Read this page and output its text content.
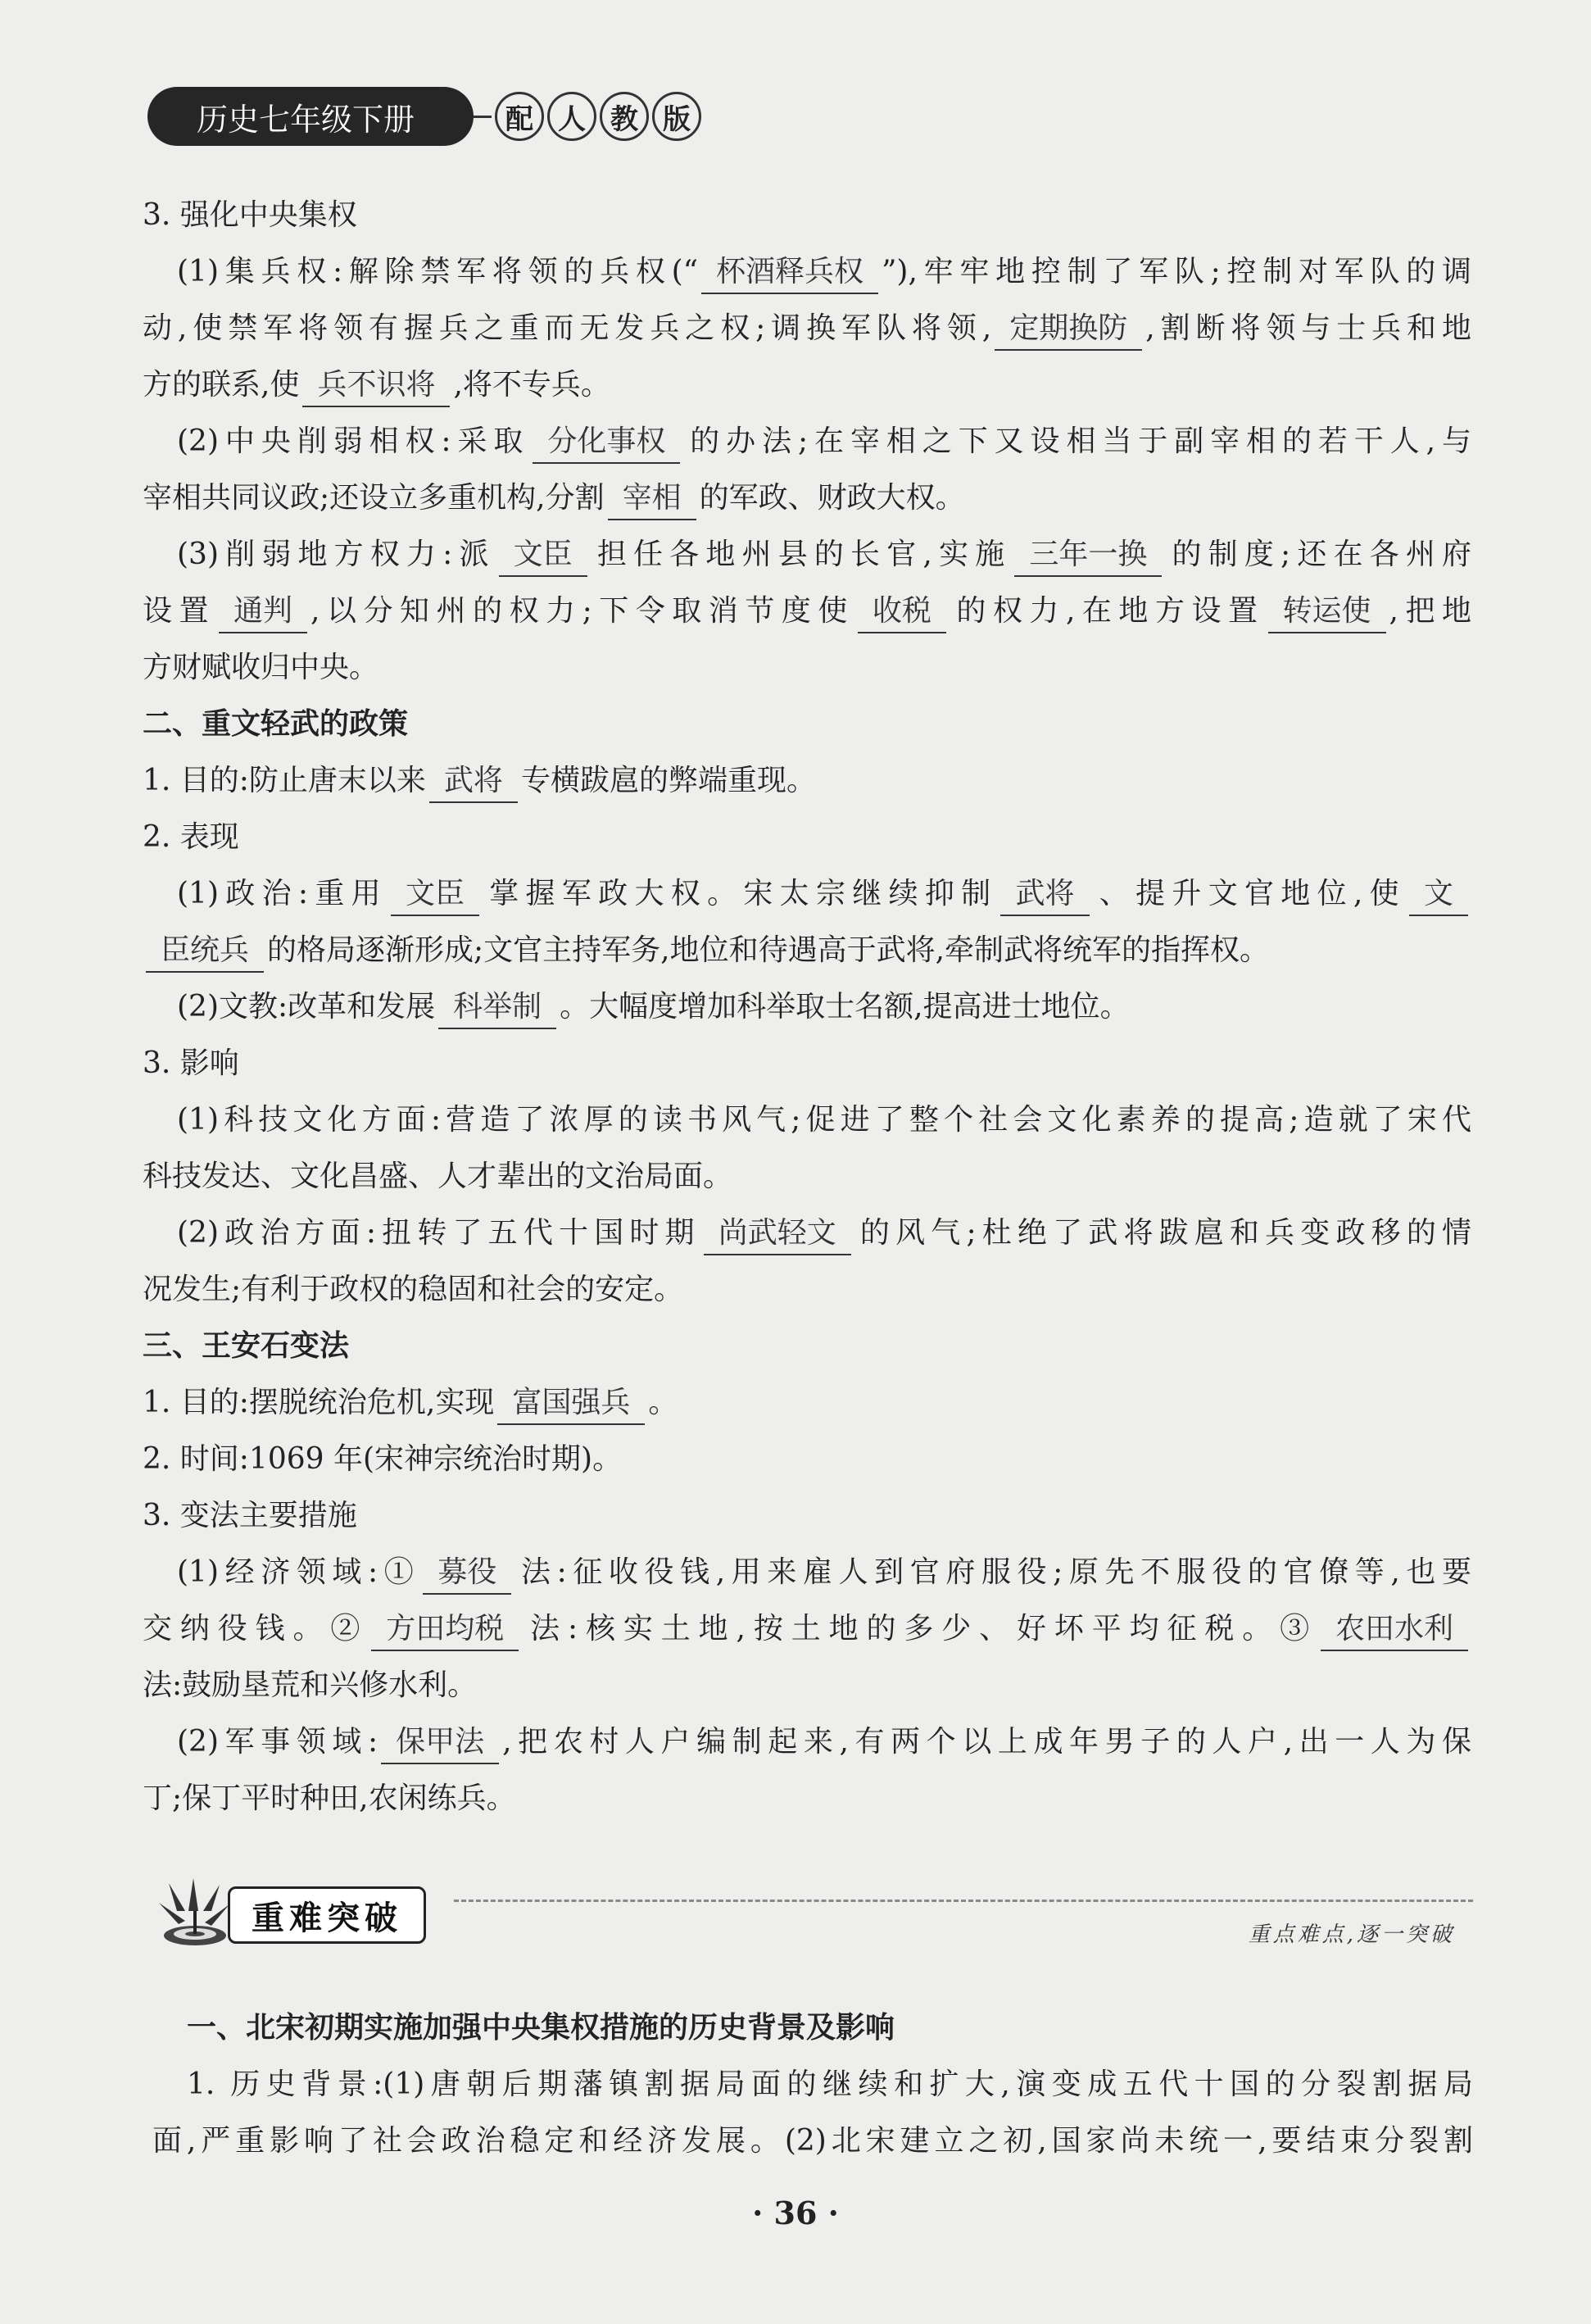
历史七年级下册	配 人 教 版
3. 强化中央集权
(1)集兵权:解除禁军将领的兵权(“ 杯酒释兵权 ”),牢牢地控制了军队;控制对军队的调
动,使禁军将领有握兵之重而无发兵之权;调换军队将领, 定期换防 ,割断将领与士兵和地
方的联系,使 兵不识将 ,将不专兵。
(2)中央削弱相权:采取 分化事权 的办法;在宰相之下又设相当于副宰相的若干人,与
宰相共同议政;还设立多重机构,分割 宰相 的军政、财政大权。
(3)削弱地方权力:派 文臣 担任各地州县的长官,实施 三年一换 的制度;还在各州府
设置 通判 ,以分知州的权力;下令取消节度使 收税 的权力,在地方设置 转运使 ,把地
方财赋收归中央。
二、重文轻武的政策
1. 目的:防止唐末以来 武将 专横跋扈的弊端重现。
2. 表现
(1)政治:重用 文臣 掌握军政大权。宋太宗继续抑制 武将 、提升文官地位,使 文
臣统兵 的格局逐渐形成;文官主持军务,地位和待遇高于武将,牵制武将统军的指挥权。
(2)文教:改革和发展 科举制 。大幅度增加科举取士名额,提高进士地位。
3. 影响
(1)科技文化方面:营造了浓厚的读书风气;促进了整个社会文化素养的提高;造就了宋代
科技发达、文化昌盛、人才辈出的文治局面。
(2)政治方面:扭转了五代十国时期 尚武轻文 的风气;杜绝了武将跋扈和兵变政移的情
况发生;有利于政权的稳固和社会的安定。
三、王安石变法
1. 目的:摆脱统治危机,实现 富国强兵 。
2. 时间:1069 年(宋神宗统治时期)。
3. 变法主要措施
(1)经济领域:① 募役 法:征收役钱,用来雇人到官府服役;原先不服役的官僚等,也要
交纳役钱。② 方田均税 法:核实土地,按土地的多少、好坏平均征税。③ 农田水利
法:鼓励垦荒和兴修水利。
(2)军事领域: 保甲法 ,把农村人户编制起来,有两个以上成年男子的人户,出一人为保
丁;保丁平时种田,农闲练兵。
重难突破	重点难点,逐一突破
一、北宋初期实施加强中央集权措施的历史背景及影响
1. 历史背景:(1)唐朝后期藩镇割据局面的继续和扩大,演变成五代十国的分裂割据局
面,严重影响了社会政治稳定和经济发展。(2)北宋建立之初,国家尚未统一,要结束分裂割
· 36 ·
